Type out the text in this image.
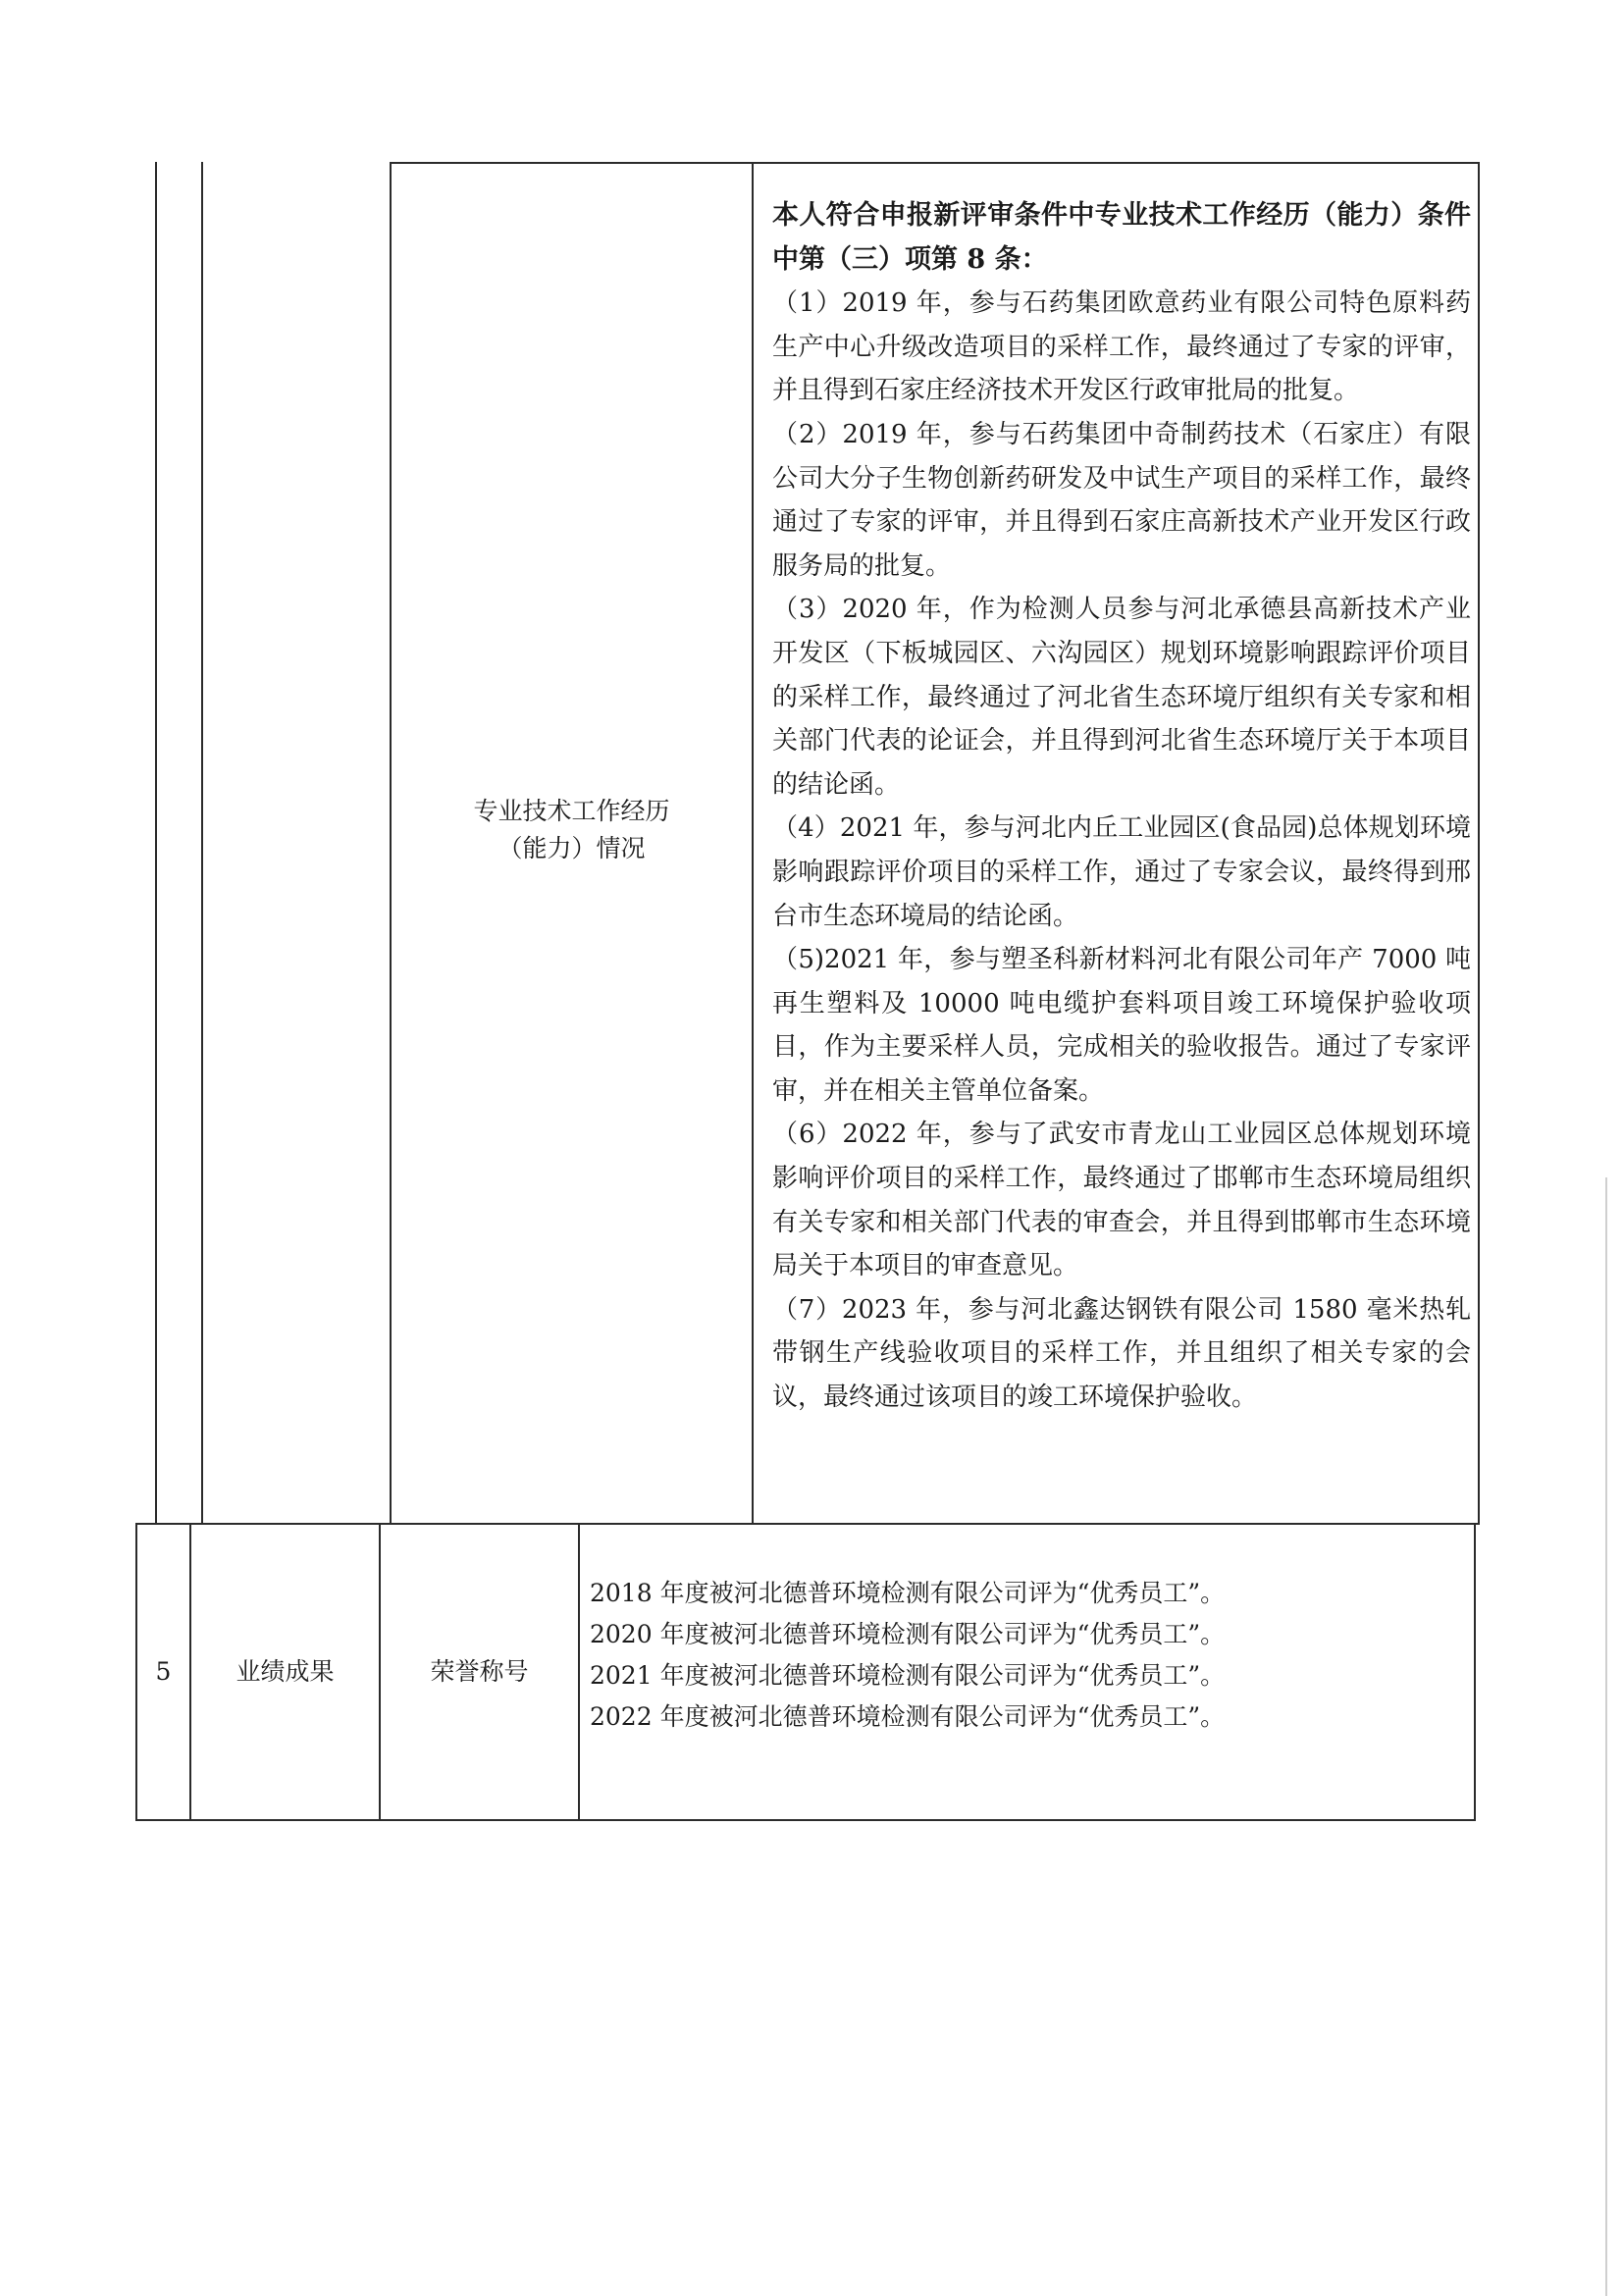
专业技术工作经历
（能力）情况

本人符合申报新评审条件中专业技术工作经历（能力）条件中第（三）项第 8 条：

（1）2019 年，参与石药集团欧意药业有限公司特色原料药生产中心升级改造项目的采样工作，最终通过了专家的评审，并且得到石家庄经济技术开发区行政审批局的批复。

（2）2019 年，参与石药集团中奇制药技术（石家庄）有限公司大分子生物创新药研发及中试生产项目的采样工作，最终通过了专家的评审，并且得到石家庄高新技术产业开发区行政服务局的批复。

（3）2020 年，作为检测人员参与河北承德县高新技术产业开发区（下板城园区、六沟园区）规划环境影响跟踪评价项目的采样工作，最终通过了河北省生态环境厅组织有关专家和相关部门代表的论证会，并且得到河北省生态环境厅关于本项目的结论函。

（4）2021 年，参与河北内丘工业园区(食品园)总体规划环境影响跟踪评价项目的采样工作，通过了专家会议，最终得到邢台市生态环境局的结论函。

（5)2021 年，参与塑圣科新材料河北有限公司年产 7000 吨再生塑料及 10000 吨电缆护套料项目竣工环境保护验收项目，作为主要采样人员，完成相关的验收报告。通过了专家评审，并在相关主管单位备案。

（6）2022 年，参与了武安市青龙山工业园区总体规划环境影响评价项目的采样工作，最终通过了邯郸市生态环境局组织有关专家和相关部门代表的审查会，并且得到邯郸市生态环境局关于本项目的审查意见。

（7）2023 年，参与河北鑫达钢铁有限公司 1580 毫米热轧带钢生产线验收项目的采样工作，并且组织了相关专家的会议，最终通过该项目的竣工环境保护验收。

5	业绩成果	荣誉称号

2018 年度被河北德普环境检测有限公司评为“优秀员工”。

2020 年度被河北德普环境检测有限公司评为“优秀员工”。

2021 年度被河北德普环境检测有限公司评为“优秀员工”。

2022 年度被河北德普环境检测有限公司评为“优秀员工”。
